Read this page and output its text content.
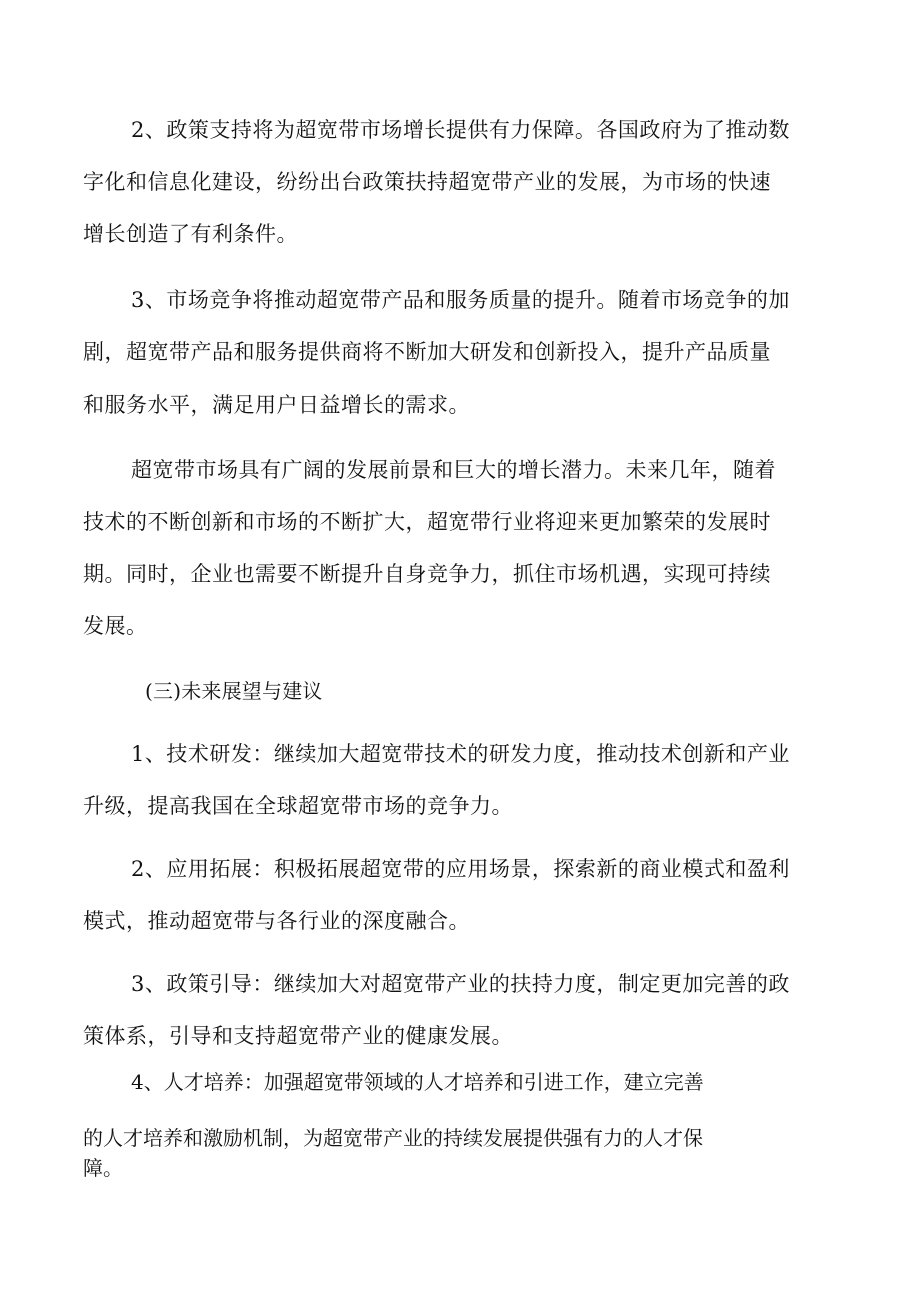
2、政策支持将为超宽带市场增长提供有力保障。各国政府为了推动数
字化和信息化建设，纷纷出台政策扶持超宽带产业的发展，为市场的快速
增长创造了有利条件。
3、市场竞争将推动超宽带产品和服务质量的提升。随着市场竞争的加
剧，超宽带产品和服务提供商将不断加大研发和创新投入，提升产品质量
和服务水平，满足用户日益增长的需求。
超宽带市场具有广阔的发展前景和巨大的增长潜力。未来几年，随着
技术的不断创新和市场的不断扩大，超宽带行业将迎来更加繁荣的发展时
期。同时，企业也需要不断提升自身竞争力，抓住市场机遇，实现可持续
发展。
(三)未来展望与建议
1、技术研发：继续加大超宽带技术的研发力度，推动技术创新和产业
升级，提高我国在全球超宽带市场的竞争力。
2、应用拓展：积极拓展超宽带的应用场景，探索新的商业模式和盈利
模式，推动超宽带与各行业的深度融合。
3、政策引导：继续加大对超宽带产业的扶持力度，制定更加完善的政
策体系，引导和支持超宽带产业的健康发展。
4、人才培养：加强超宽带领域的人才培养和引进工作，建立完善
的人才培养和激励机制，为超宽带产业的持续发展提供强有力的人才保
障。
